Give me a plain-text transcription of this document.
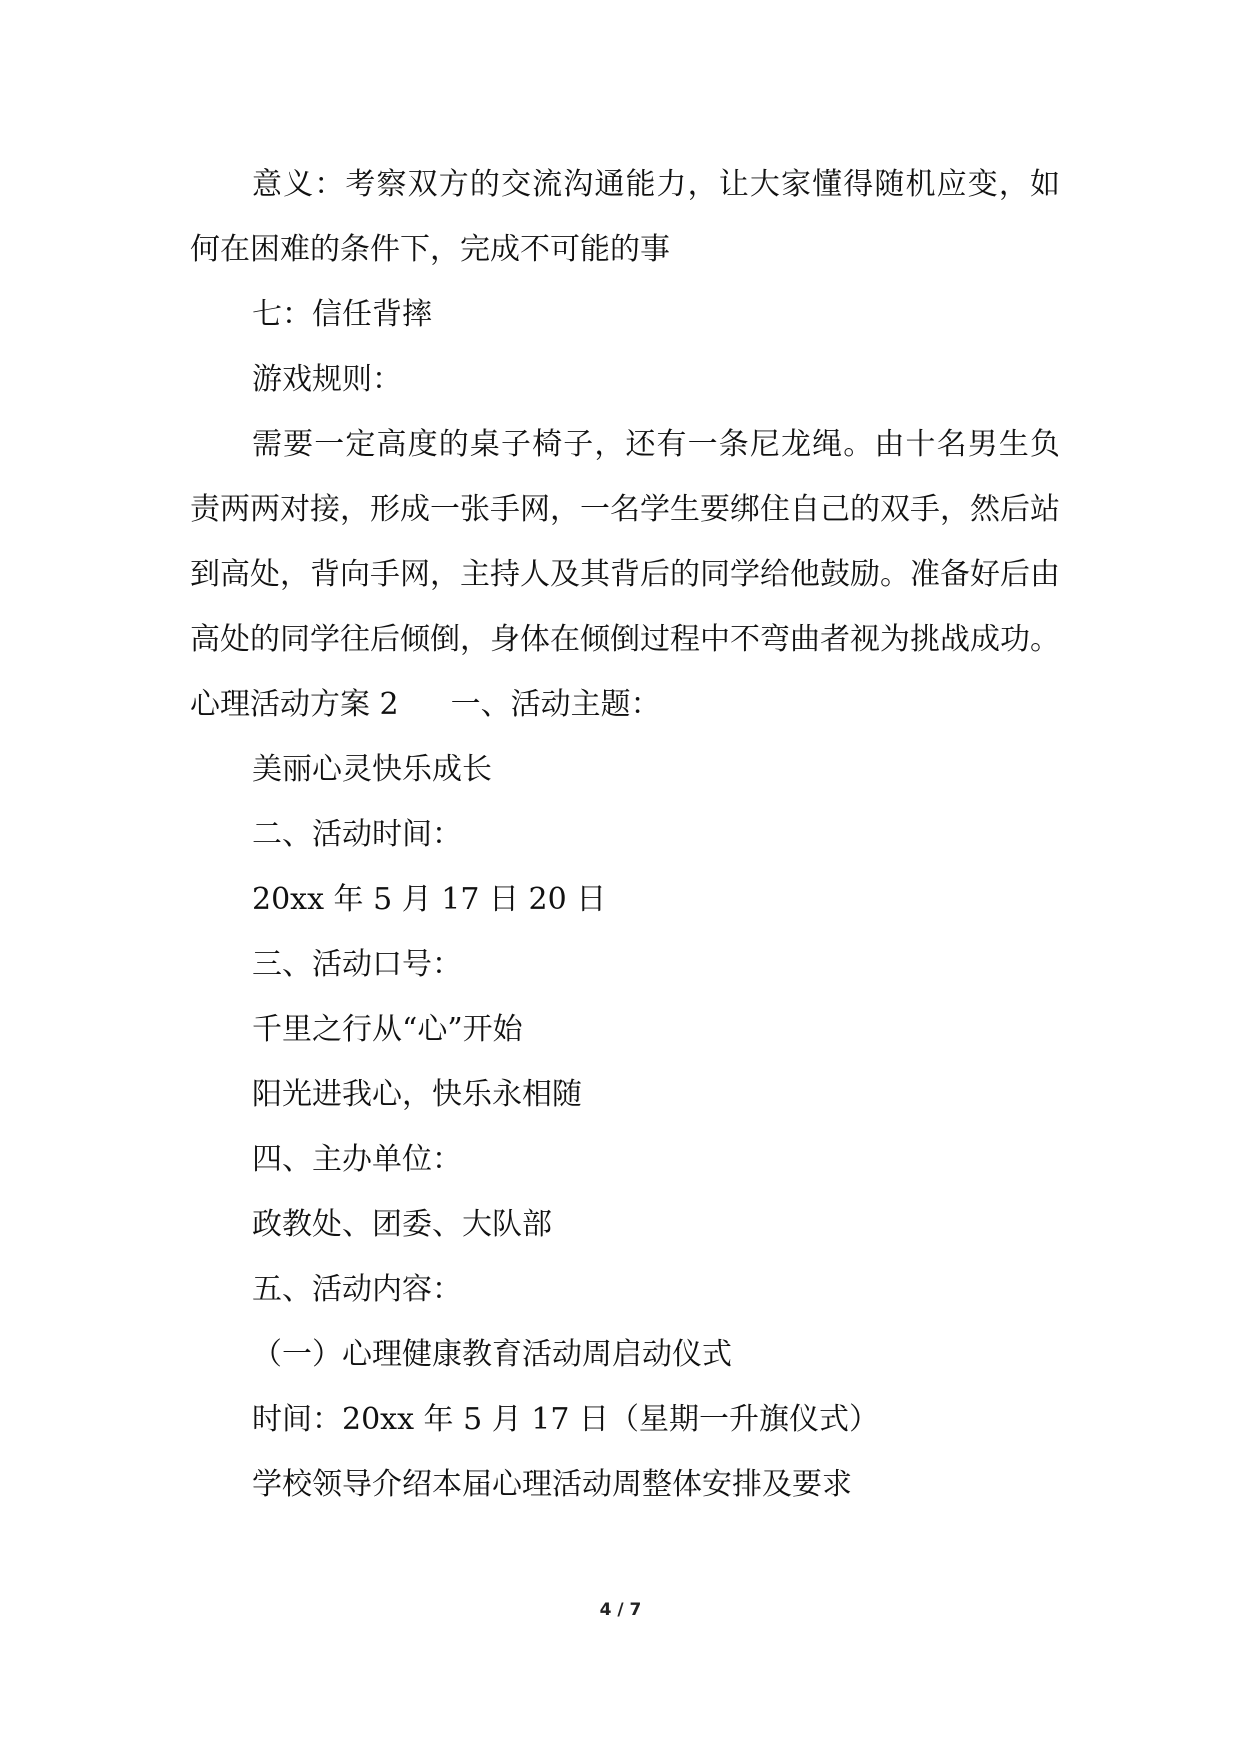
意义：考察双方的交流沟通能力，让大家懂得随机应变，如何在困难的条件下，完成不可能的事

七：信任背摔

游戏规则：

需要一定高度的桌子椅子，还有一条尼龙绳。由十名男生负责两两对接，形成一张手网，一名学生要绑住自己的双手，然后站到高处，背向手网，主持人及其背后的同学给他鼓励。准备好后由高处的同学往后倾倒，身体在倾倒过程中不弯曲者视为挑战成功。

心理活动方案 2 一、活动主题：

美丽心灵快乐成长

二、活动时间：

20xx 年 5 月 17 日 20 日

三、活动口号：

千里之行从“心”开始

阳光进我心，快乐永相随

四、主办单位：

政教处、团委、大队部

五、活动内容：

（一）心理健康教育活动周启动仪式

时间：20xx 年 5 月 17 日（星期一升旗仪式）

学校领导介绍本届心理活动周整体安排及要求

4 / 7
